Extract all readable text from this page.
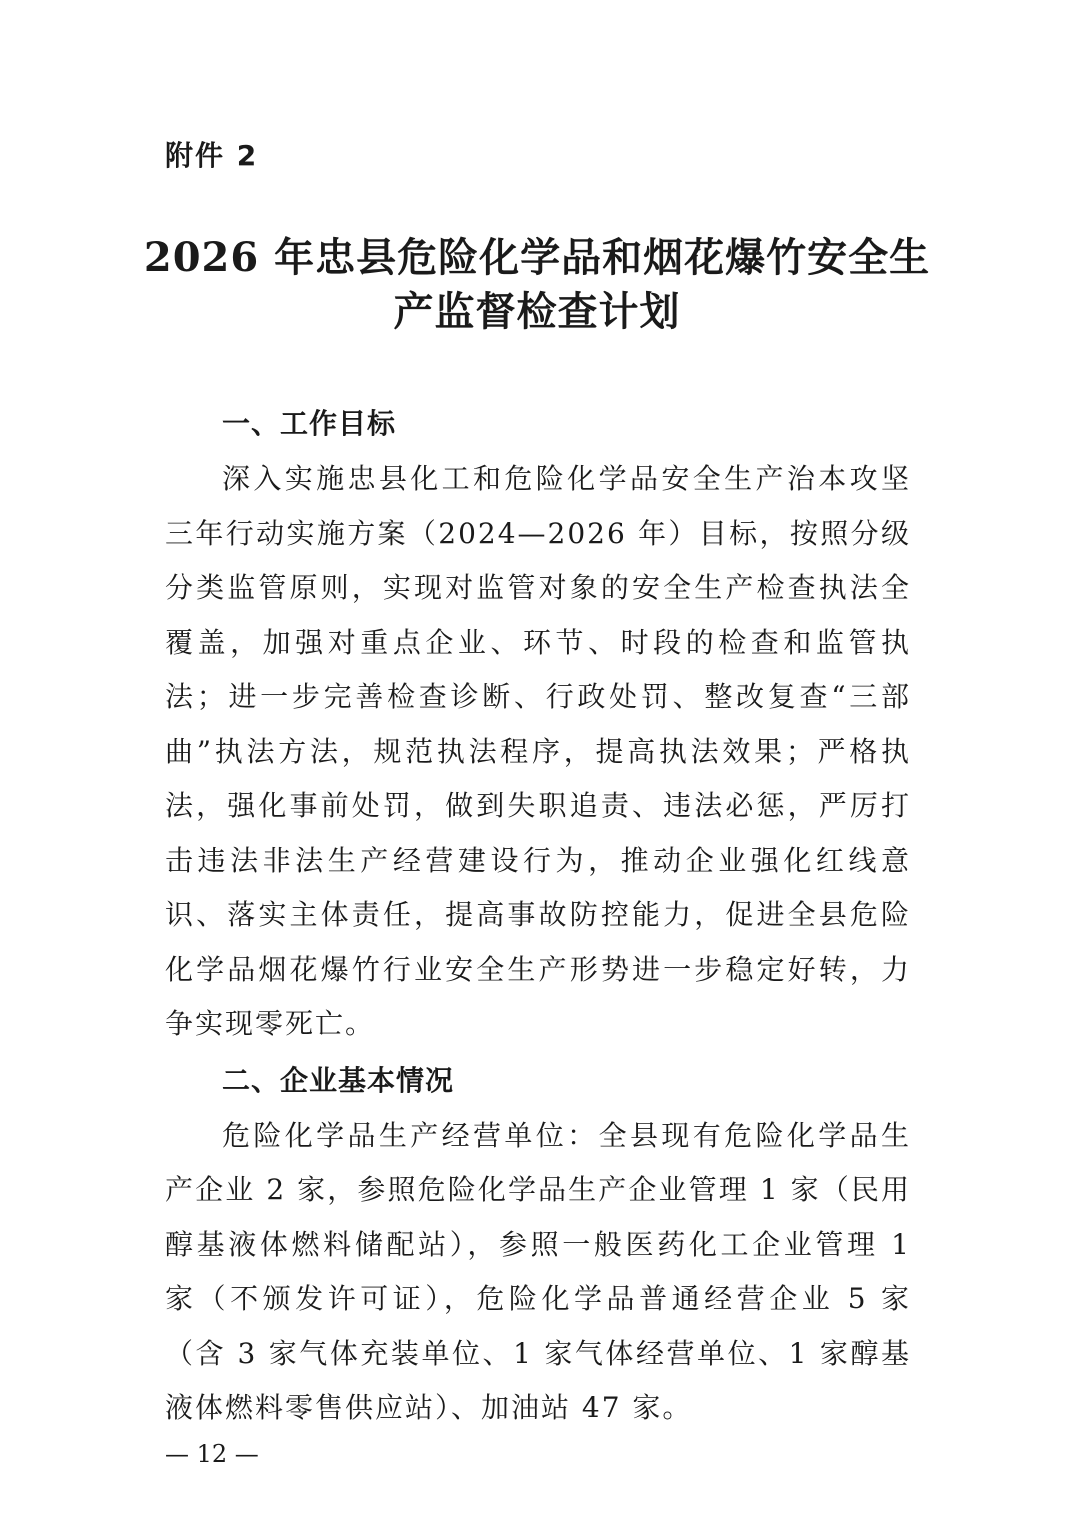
附件 2
2026 年忠县危险化学品和烟花爆竹安全生
产监督检查计划
一、工作目标

深入实施忠县化工和危险化学品安全生产治本攻坚三年行动实施方案（2024—2026 年）目标，按照分级分类监管原则，实现对监管对象的安全生产检查执法全覆盖，加强对重点企业、环节、时段的检查和监管执法；进一步完善检查诊断、行政处罚、整改复查“三部曲”执法方法，规范执法程序，提高执法效果；严格执法，强化事前处罚，做到失职追责、违法必惩，严厉打击违法非法生产经营建设行为，推动企业强化红线意识、落实主体责任，提高事故防控能力，促进全县危险化学品烟花爆竹行业安全生产形势进一步稳定好转，力争实现零死亡。

二、企业基本情况

危险化学品生产经营单位：全县现有危险化学品生产企业 2 家，参照危险化学品生产企业管理 1 家（民用醇基液体燃料储配站），参照一般医药化工企业管理 1 家（不颁发许可证），危险化学品普通经营企业 5 家（含 3 家气体充装单位、1 家气体经营单位、1 家醇基液体燃料零售供应站）、加油站 47 家。

— 12 —
